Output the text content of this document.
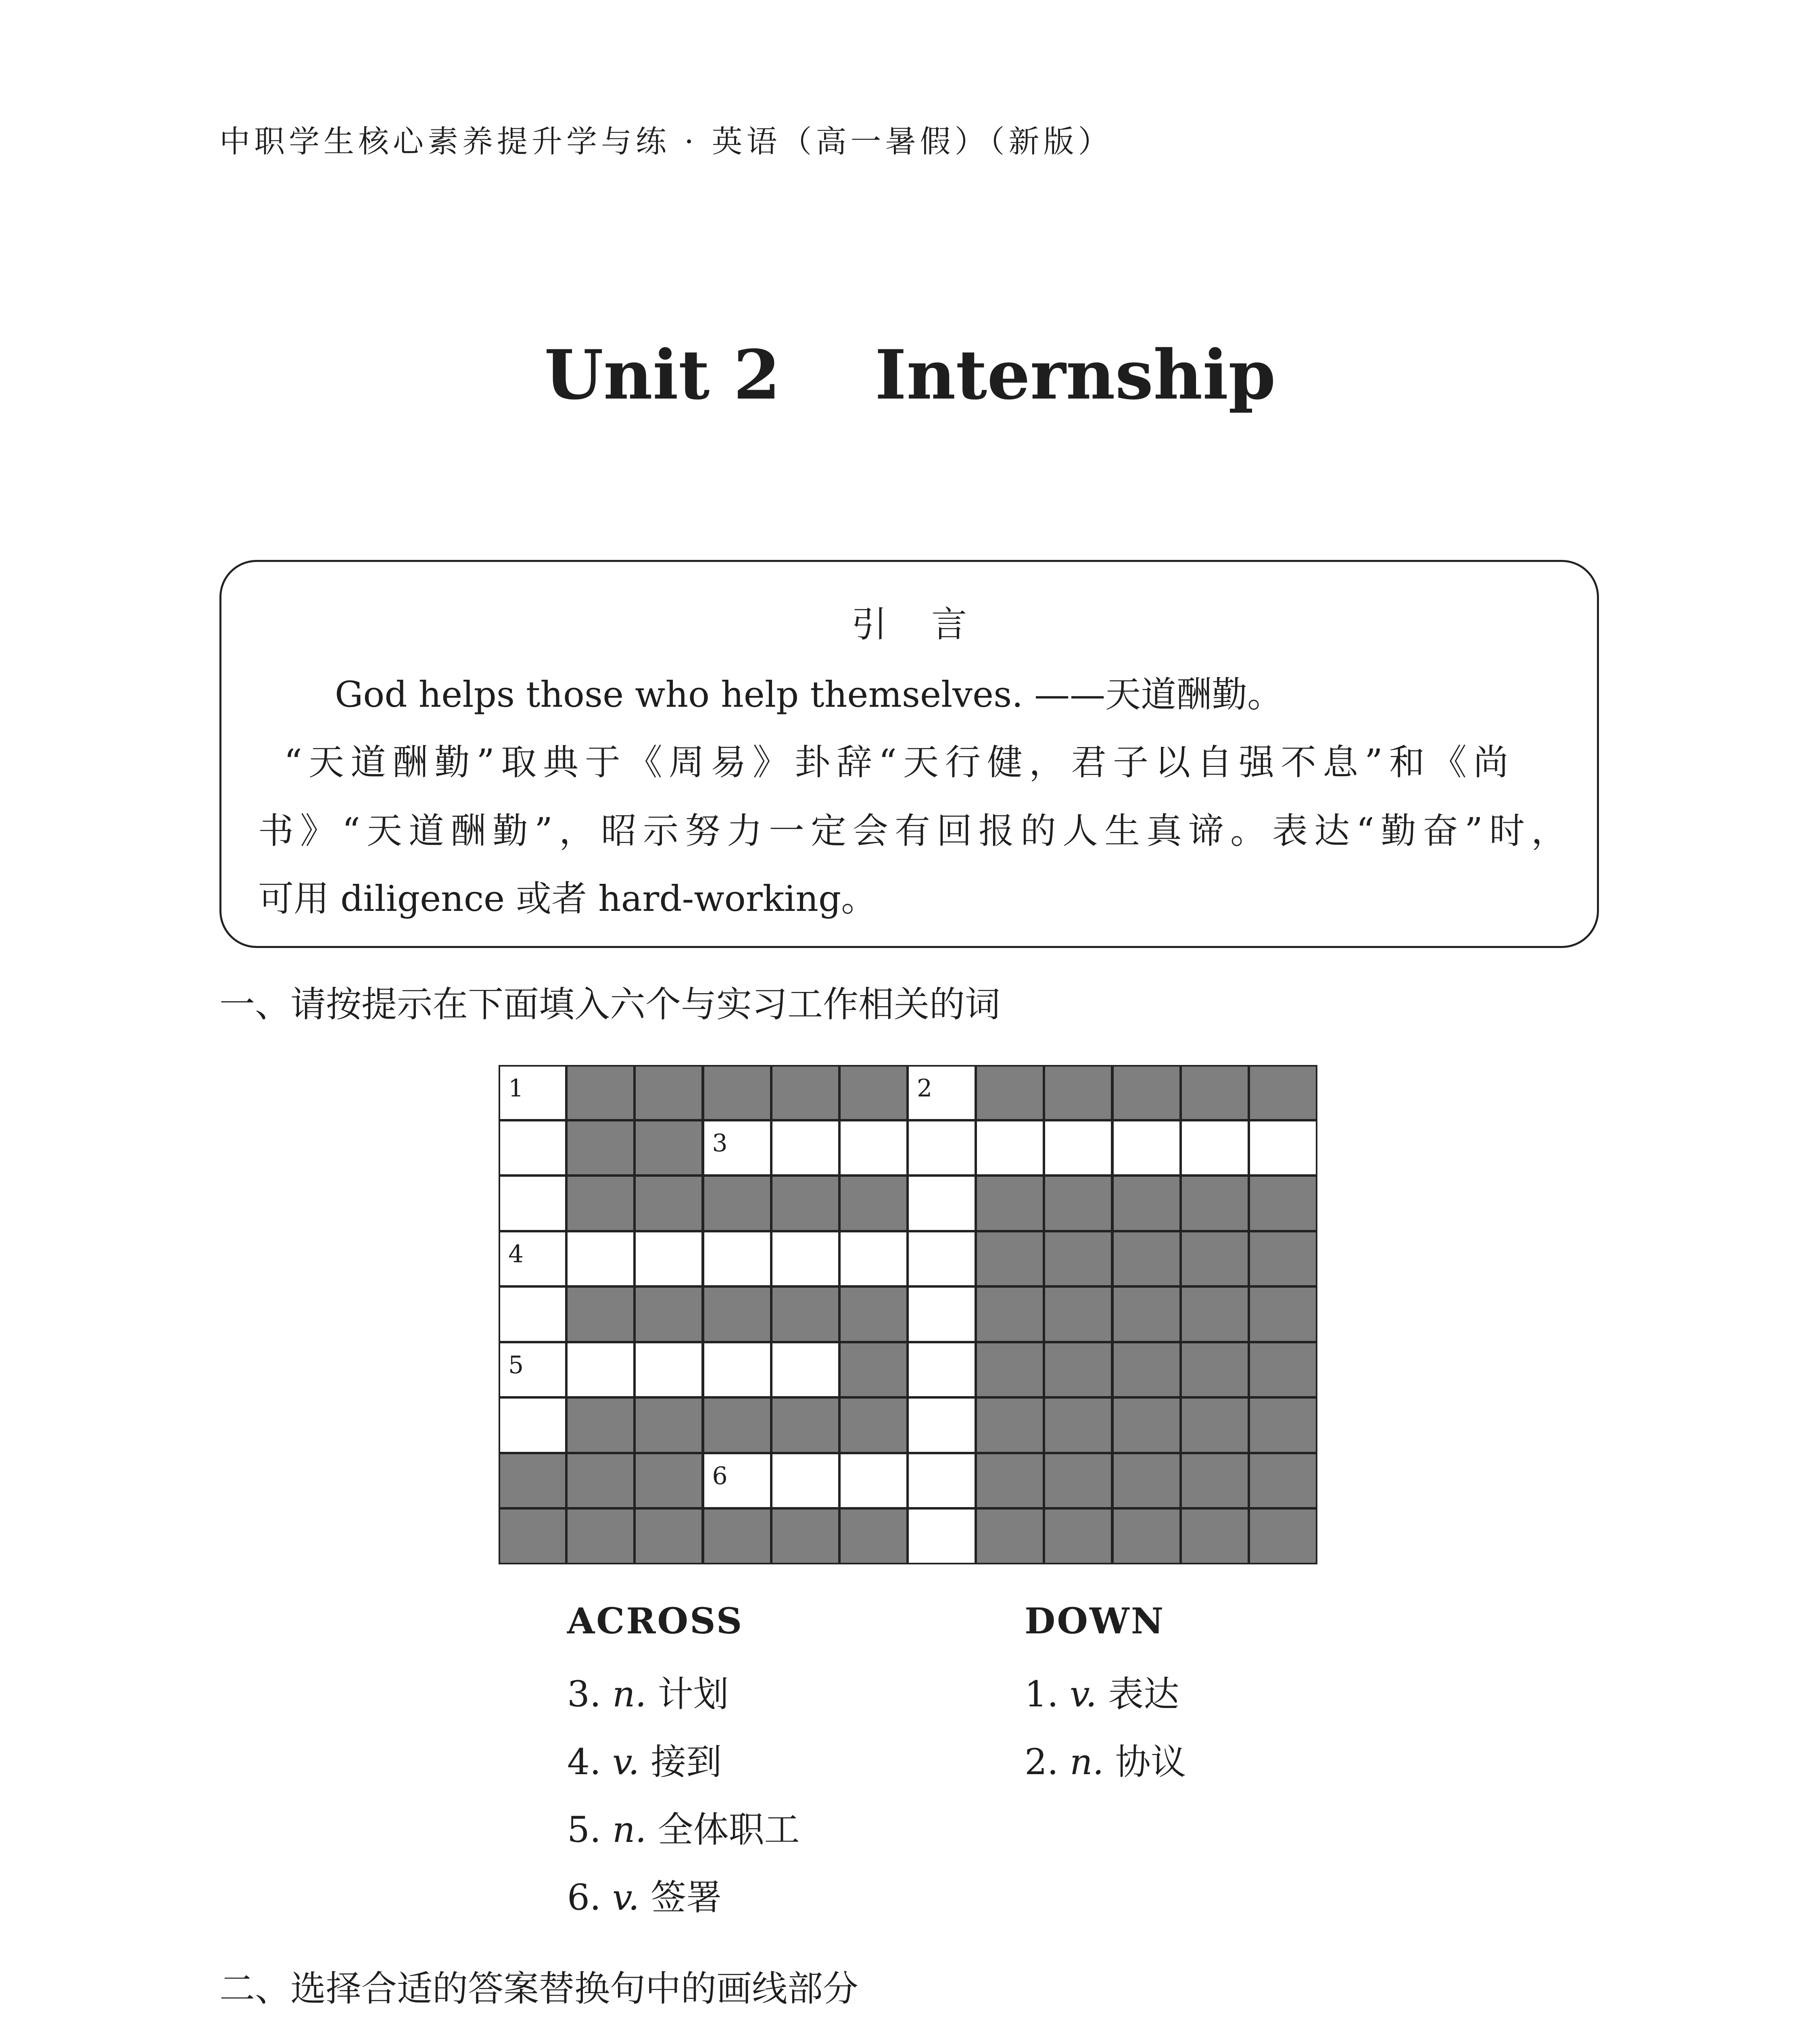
中职学生核心素养提升学与练 · 英语（高一暑假）（新版）
Unit 2    Internship
引言
God helps those who help themselves. ——天道酬勤。
“天道酬勤”取典于《周易》卦辞“天行健，君子以自强不息”和《尚
书》“天道酬勤”，昭示努力一定会有回报的人生真谛。表达“勤奋”时，
可用 diligence 或者 hard-working。
一、请按提示在下面填入六个与实习工作相关的词
1	2
3
4
5
6
ACROSS
3. n. 计划
4. v. 接到
5. n. 全体职工
6. v. 签署
DOWN
1. v. 表达
2. n. 协议
二、选择合适的答案替换句中的画线部分
